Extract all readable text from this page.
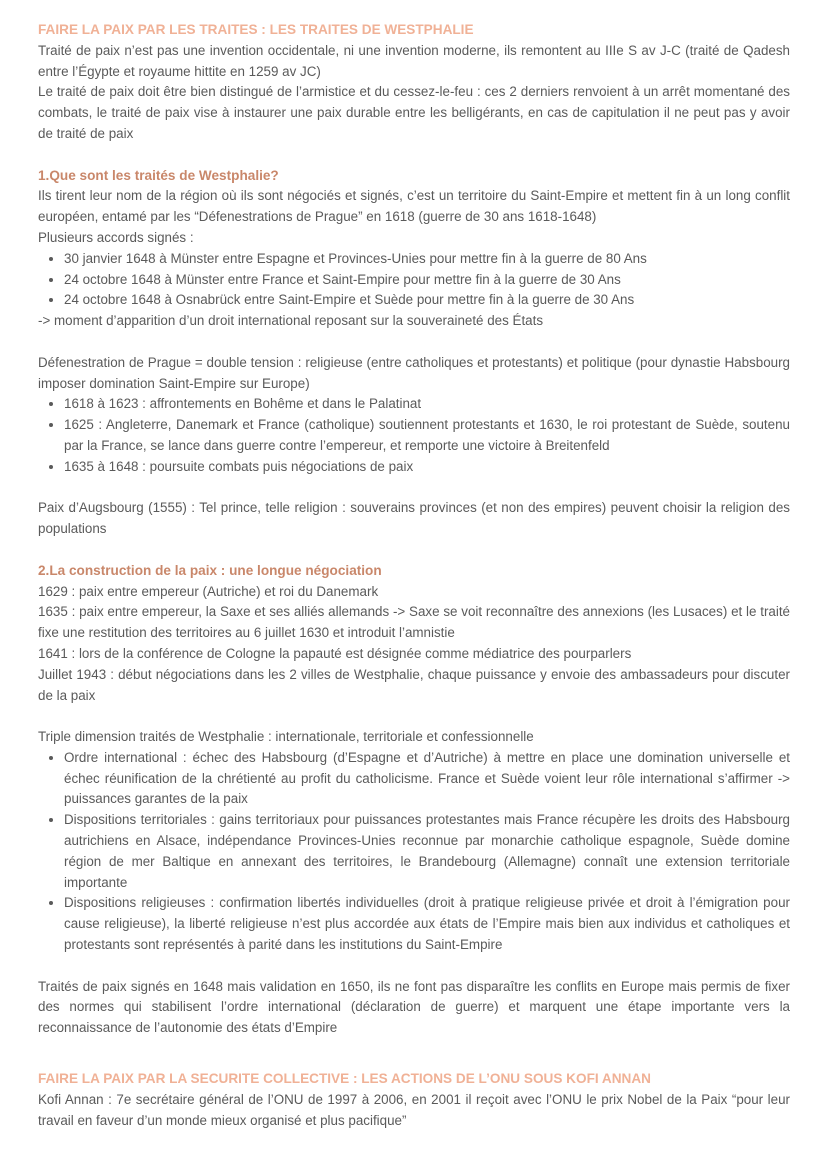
FAIRE LA PAIX PAR LES TRAITES : LES TRAITES DE WESTPHALIE

Traité de paix n’est pas une invention occidentale, ni une invention moderne, ils remontent au IIIe S av J-C (traité de Qadesh entre l’Égypte et royaume hittite en 1259 av JC)

Le traité de paix doit être bien distingué de l’armistice et du cessez-le-feu : ces 2 derniers renvoient à un arrêt momentané des combats, le traité de paix vise à instaurer une paix durable entre les belligérants, en cas de capitulation il ne peut pas y avoir de traité de paix

1.Que sont les traités de Westphalie?

Ils tirent leur nom de la région où ils sont négociés et signés, c’est un territoire du Saint-Empire et mettent fin à un long conflit européen, entamé par les “Défenestrations de Prague” en 1618 (guerre de 30 ans 1618-1648)

Plusieurs accords signés :

• 30 janvier 1648 à Münster entre Espagne et Provinces-Unies pour mettre fin à la guerre de 80 Ans
• 24 octobre 1648 à Münster entre France et Saint-Empire pour mettre fin à la guerre de 30 Ans
• 24 octobre 1648 à Osnabrück entre Saint-Empire et Suède pour mettre fin à la guerre de 30 Ans

-> moment d’apparition d’un droit international reposant sur la souveraineté des États

Défenestration de Prague = double tension : religieuse (entre catholiques et protestants) et politique (pour dynastie Habsbourg imposer domination Saint-Empire sur Europe)

• 1618 à 1623 : affrontements en Bohême et dans le Palatinat
• 1625 : Angleterre, Danemark et France (catholique) soutiennent protestants et 1630, le roi protestant de Suède, soutenu par la France, se lance dans guerre contre l’empereur, et remporte une victoire à Breitenfeld
• 1635 à 1648 : poursuite combats puis négociations de paix

Paix d’Augsbourg (1555) : Tel prince, telle religion : souverains provinces (et non des empires) peuvent choisir la religion des populations

2.La construction de la paix : une longue négociation

1629 : paix entre empereur (Autriche) et roi du Danemark

1635 : paix entre empereur, la Saxe et ses alliés allemands -> Saxe se voit reconnaître des annexions (les Lusaces) et le traité fixe une restitution des territoires au 6 juillet 1630 et introduit l’amnistie

1641 : lors de la conférence de Cologne la papauté est désignée comme médiatrice des pourparlers

Juillet 1943 : début négociations dans les 2 villes de Westphalie, chaque puissance y envoie des ambassadeurs pour discuter de la paix

Triple dimension traités de Westphalie : internationale, territoriale et confessionnelle

• Ordre international : échec des Habsbourg (d’Espagne et d’Autriche) à mettre en place une domination universelle et échec réunification de la chrétienté au profit du catholicisme. France et Suède voient leur rôle international s’affirmer -> puissances garantes de la paix
• Dispositions territoriales : gains territoriaux pour puissances protestantes mais France récupère les droits des Habsbourg autrichiens en Alsace, indépendance Provinces-Unies reconnue par monarchie catholique espagnole, Suède domine région de mer Baltique en annexant des territoires, le Brandebourg (Allemagne) connaît une extension territoriale importante
• Dispositions religieuses : confirmation libertés individuelles (droit à pratique religieuse privée et droit à l’émigration pour cause religieuse), la liberté religieuse n’est plus accordée aux états de l’Empire mais bien aux individus et catholiques et protestants sont représentés à parité dans les institutions du Saint-Empire

Traités de paix signés en 1648 mais validation en 1650, ils ne font pas disparaître les conflits en Europe mais permis de fixer des normes qui stabilisent l’ordre international (déclaration de guerre) et marquent une étape importante vers la reconnaissance de l’autonomie des états d’Empire

FAIRE LA PAIX PAR LA SECURITE COLLECTIVE : LES ACTIONS DE L’ONU SOUS KOFI ANNAN

Kofi Annan : 7e secrétaire général de l’ONU de 1997 à 2006, en 2001 il reçoit avec l’ONU le prix Nobel de la Paix “pour leur travail en faveur d’un monde mieux organisé et plus pacifique”
